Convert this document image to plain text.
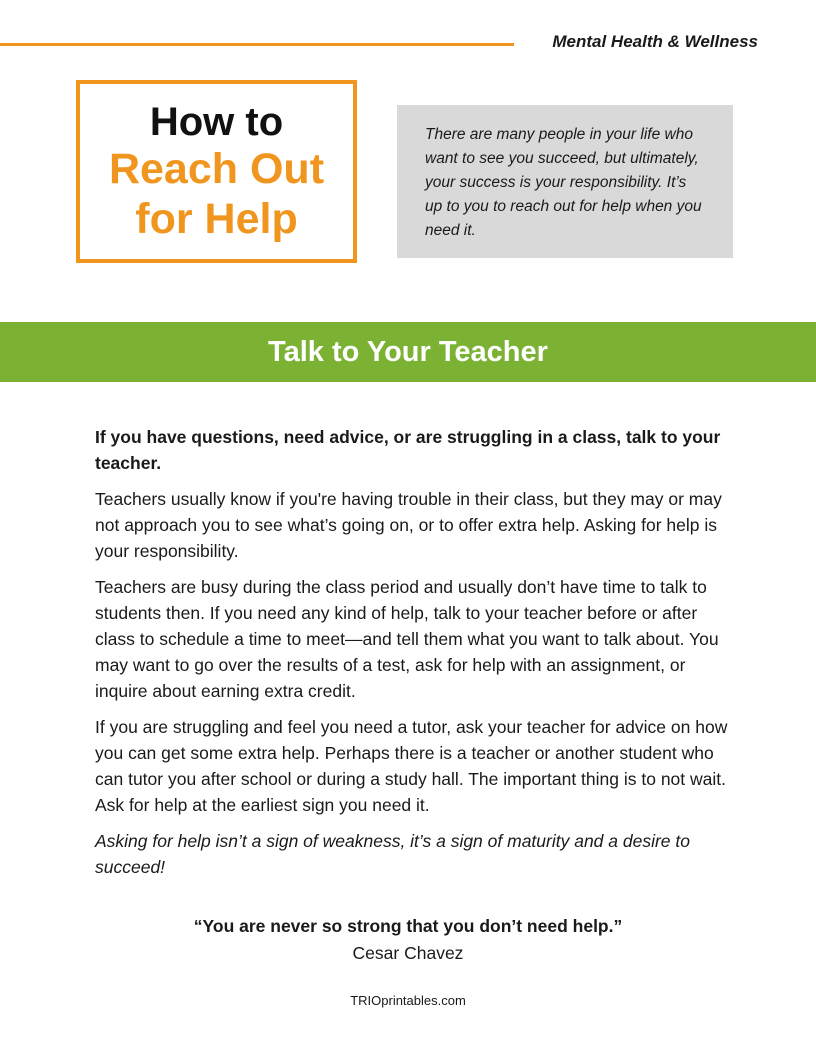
Mental Health & Wellness
How to
Reach Out
for Help
There are many people in your life who want to see you succeed, but ultimately, your success is your responsibility. It’s up to you to reach out for help when you need it.
Talk to Your Teacher

If you have questions, need advice, or are struggling in a class, talk to your teacher.

Teachers usually know if you're having trouble in their class, but they may or may not approach you to see what’s going on, or to offer extra help. Asking for help is your responsibility.

Teachers are busy during the class period and usually don’t have time to talk to students then. If you need any kind of help, talk to your teacher before or after class to schedule a time to meet—and tell them what you want to talk about. You may want to go over the results of a test, ask for help with an assignment, or inquire about earning extra credit.

If you are struggling and feel you need a tutor, ask your teacher for advice on how you can get some extra help. Perhaps there is a teacher or another student who can tutor you after school or during a study hall. The important thing is to not wait. Ask for help at the earliest sign you need it.

Asking for help isn’t a sign of weakness, it’s a sign of maturity and a desire to succeed!

“You are never so strong that you don’t need help.”
Cesar Chavez
TRIOprintables.com
